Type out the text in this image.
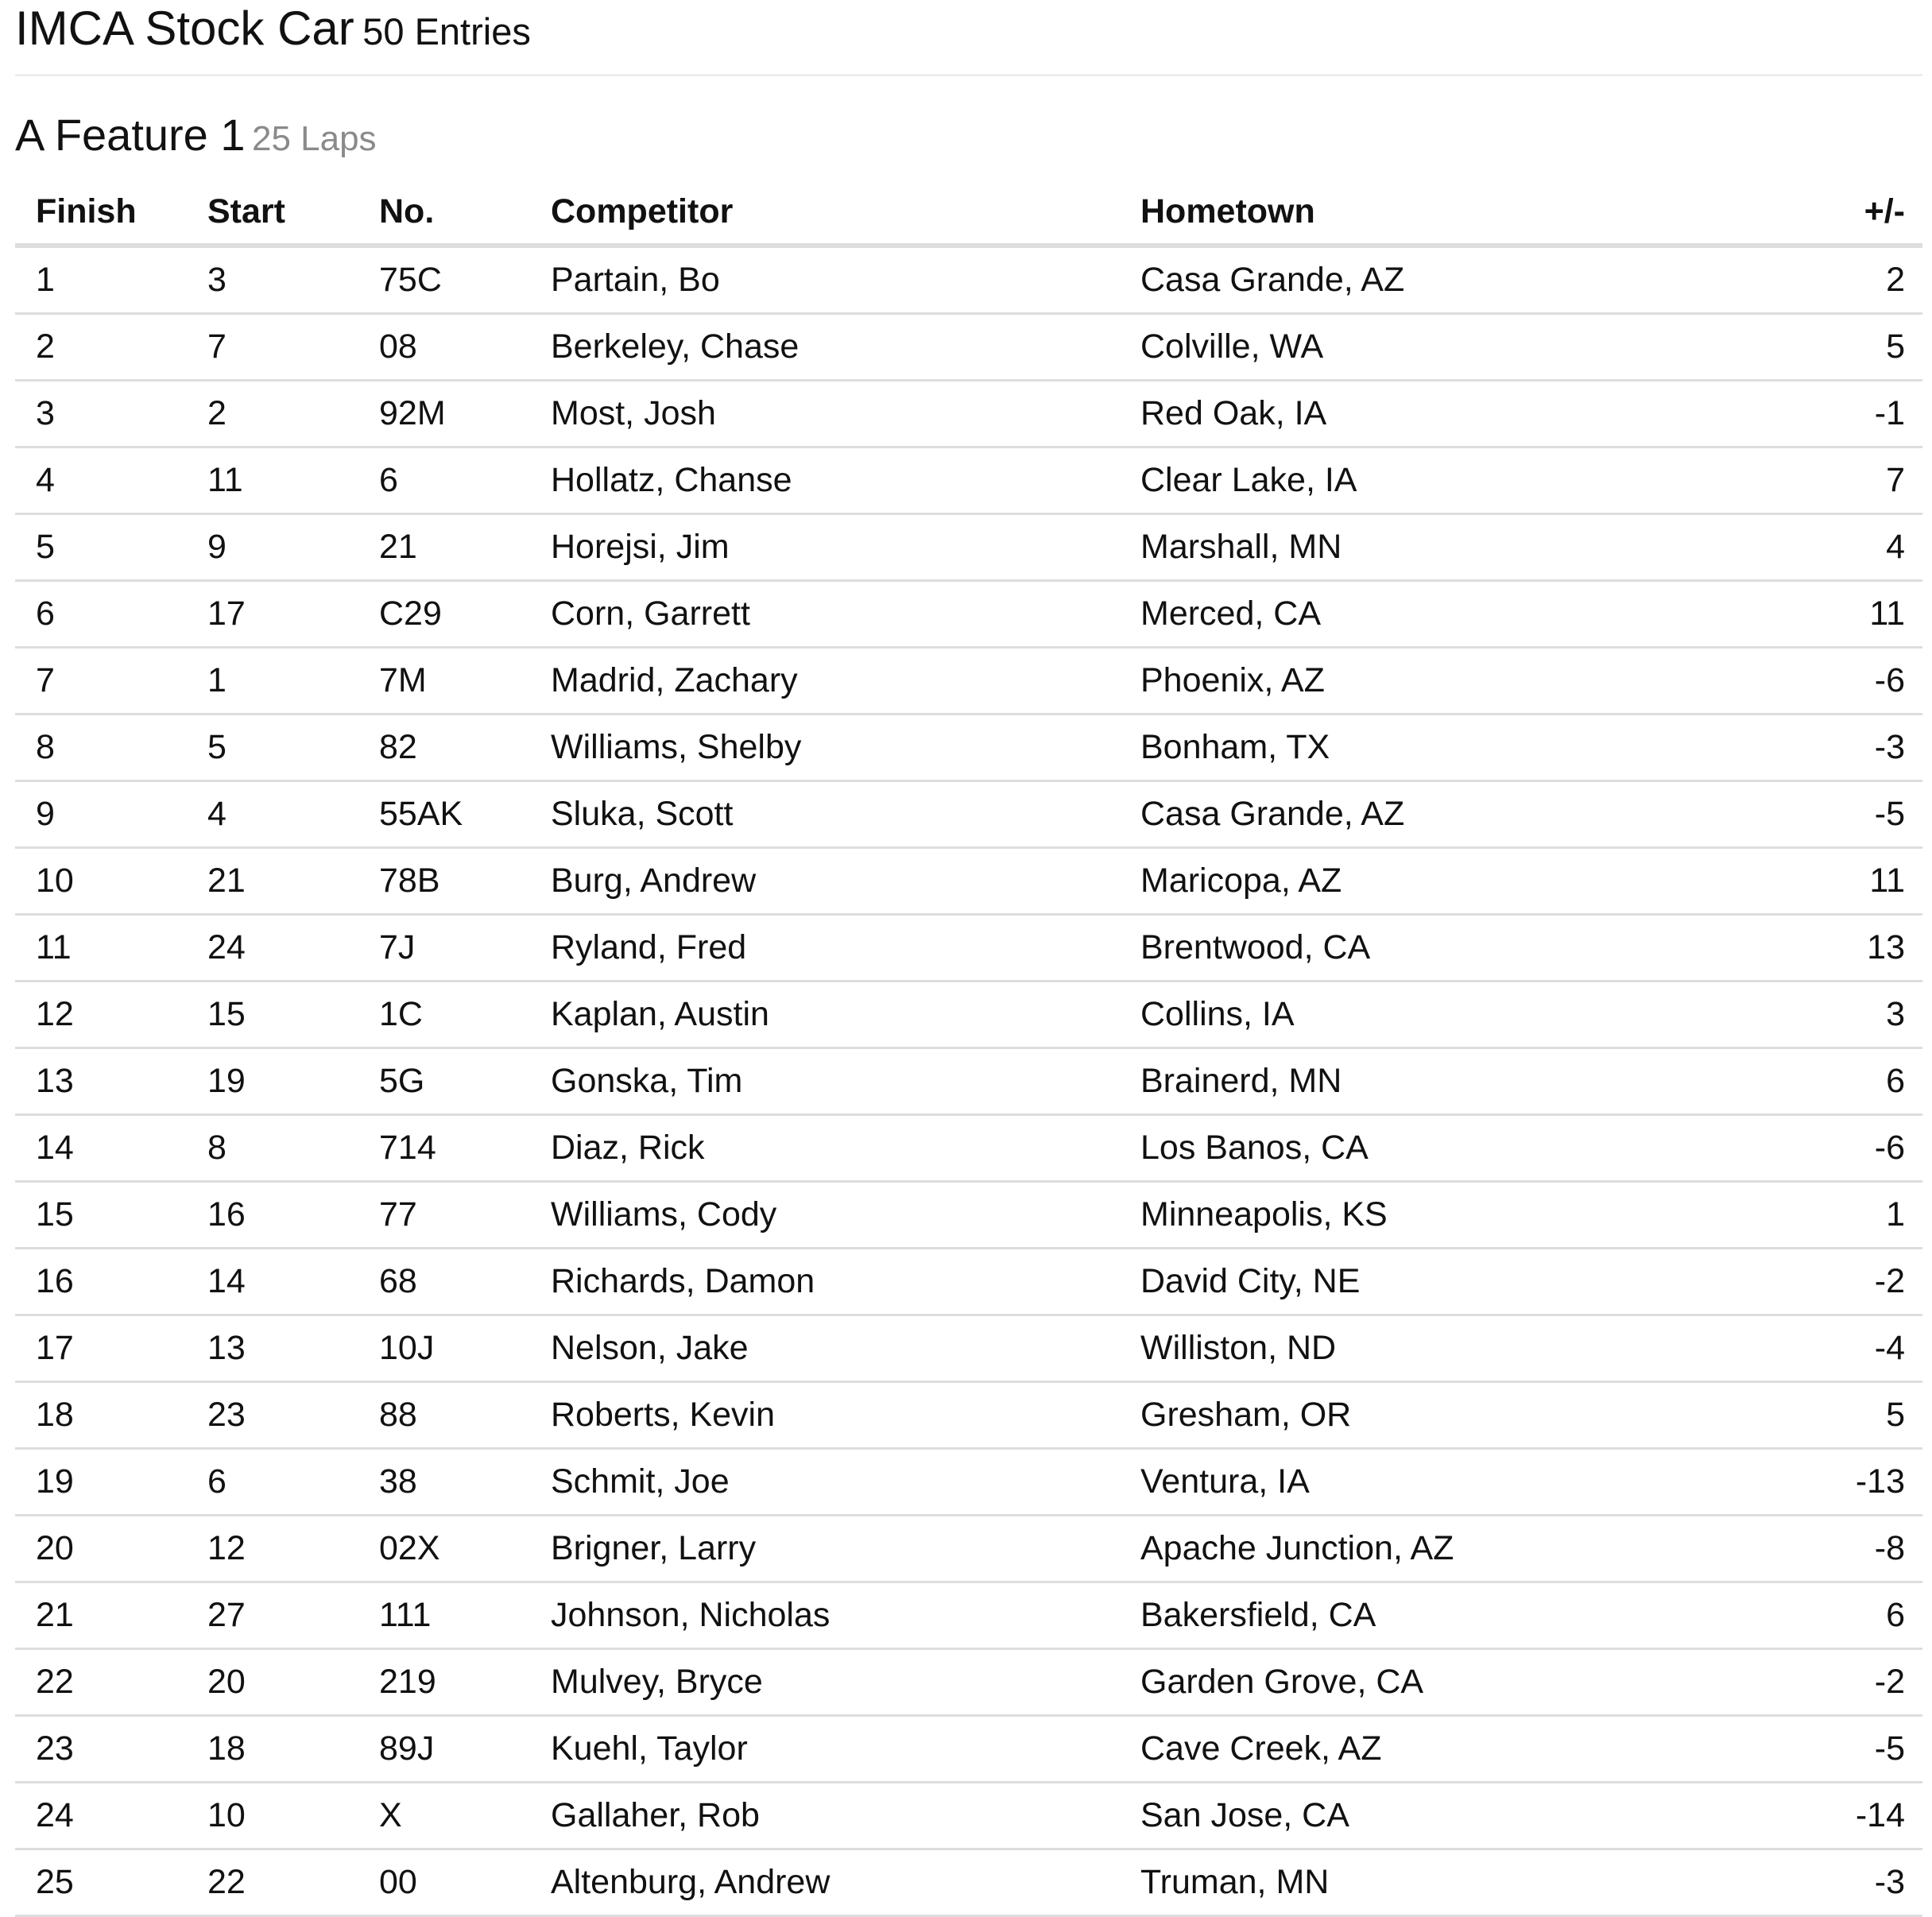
IMCA Stock Car 50 Entries
A Feature 1 25 Laps
Finish	Start	No.	Competitor	Hometown	+/-
1	3	75C	Partain, Bo	Casa Grande, AZ	2
2	7	08	Berkeley, Chase	Colville, WA	5
3	2	92M	Most, Josh	Red Oak, IA	-1
4	11	6	Hollatz, Chanse	Clear Lake, IA	7
5	9	21	Horejsi, Jim	Marshall, MN	4
6	17	C29	Corn, Garrett	Merced, CA	11
7	1	7M	Madrid, Zachary	Phoenix, AZ	-6
8	5	82	Williams, Shelby	Bonham, TX	-3
9	4	55AK	Sluka, Scott	Casa Grande, AZ	-5
10	21	78B	Burg, Andrew	Maricopa, AZ	11
11	24	7J	Ryland, Fred	Brentwood, CA	13
12	15	1C	Kaplan, Austin	Collins, IA	3
13	19	5G	Gonska, Tim	Brainerd, MN	6
14	8	714	Diaz, Rick	Los Banos, CA	-6
15	16	77	Williams, Cody	Minneapolis, KS	1
16	14	68	Richards, Damon	David City, NE	-2
17	13	10J	Nelson, Jake	Williston, ND	-4
18	23	88	Roberts, Kevin	Gresham, OR	5
19	6	38	Schmit, Joe	Ventura, IA	-13
20	12	02X	Brigner, Larry	Apache Junction, AZ	-8
21	27	111	Johnson, Nicholas	Bakersfield, CA	6
22	20	219	Mulvey, Bryce	Garden Grove, CA	-2
23	18	89J	Kuehl, Taylor	Cave Creek, AZ	-5
24	10	X	Gallaher, Rob	San Jose, CA	-14
25	22	00	Altenburg, Andrew	Truman, MN	-3
